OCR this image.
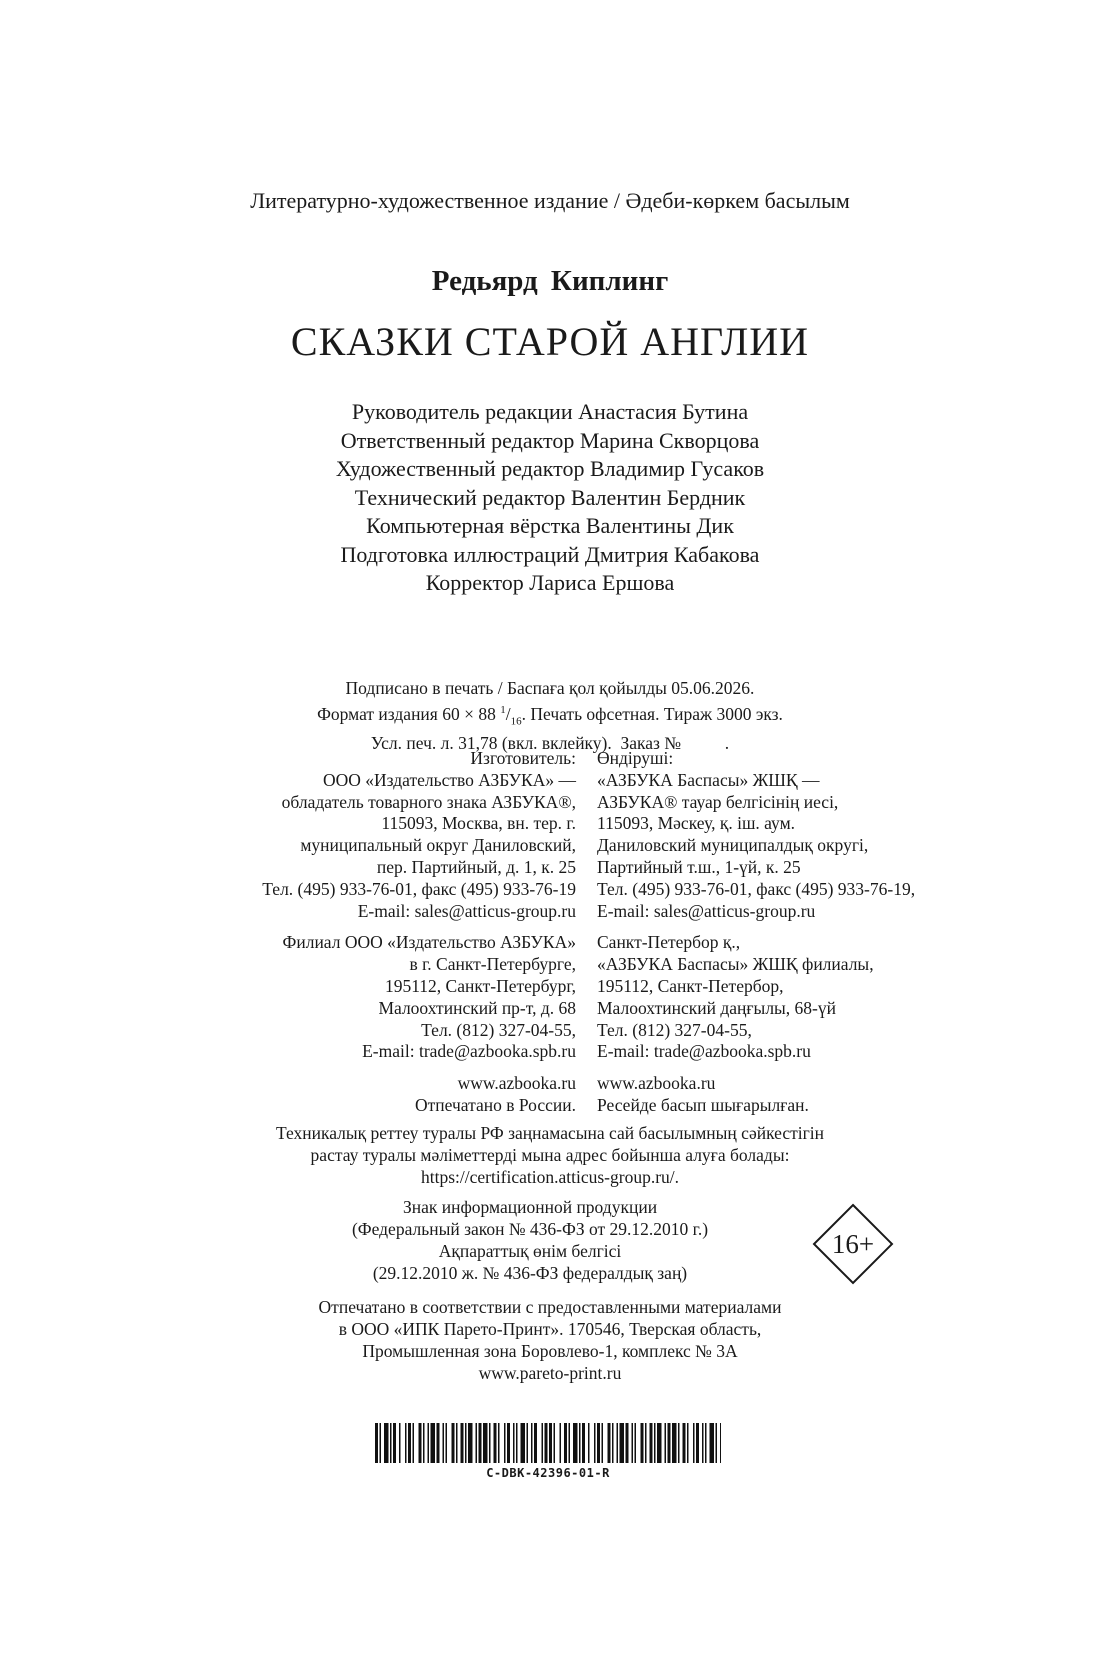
Литературно-художественное издание / Әдеби-көркем басылым
Редьярд Киплинг
СКАЗКИ СТАРОЙ АНГЛИИ
Руководитель редакции Анастасия Бутина
Ответственный редактор Марина Скворцова
Художественный редактор Владимир Гусаков
Технический редактор Валентин Бердник
Компьютерная вёрстка Валентины Дик
Подготовка иллюстраций Дмитрия Кабакова
Корректор Лариса Ершова
Подписано в печать / Баспаға қол қойылды 05.06.2026.
Формат издания 60 × 88 $^1/_{16}$. Печать офсетная. Тираж 3000 экз.
Усл. печ. л. 31,78 (вкл. вклейку).  Заказ №          .
Изготовитель:
ООО «Издательство АЗБУКА» —
обладатель товарного знака АЗБУКА®,
115093, Москва, вн. тер. г.
муниципальный округ Даниловский,
пер. Партийный, д. 1, к. 25
Тел. (495) 933-76-01, факс (495) 933-76-19
E-mail: sales@atticus-group.ru
Филиал ООО «Издательство АЗБУКА»
в г. Санкт-Петербурге,
195112, Санкт-Петербург,
Малоохтинский пр-т, д. 68
Тел. (812) 327-04-55,
E-mail: trade@azbooka.spb.ru
www.azbooka.ru
Отпечатано в России.
Өндіруші:
«АЗБУКА Баспасы» ЖШҚ —
АЗБУКА® тауар белгісінің иесі,
115093, Мәскеу, қ. іш. аум.
Даниловский муниципалдық округі,
Партийный т.ш., 1-үй, к. 25
Тел. (495) 933-76-01, факс (495) 933-76-19,
E-mail: sales@atticus-group.ru
Санкт-Петербор қ.,
«АЗБУКА Баспасы» ЖШҚ филиалы,
195112, Санкт-Петербор,
Малоохтинский даңғылы, 68-үй
Тел. (812) 327-04-55,
E-mail: trade@azbooka.spb.ru
www.azbooka.ru
Ресейде басып шығарылған.
Техникалық реттеу туралы РФ заңнамасына сай басылымның сәйкестігін
растау туралы мәліметтерді мына адрес бойынша алуға болады:
https://certification.atticus-group.ru/.
Знак информационной продукции
(Федеральный закон № 436-ФЗ от 29.12.2010 г.)
Ақпараттық өнім белгісі
(29.12.2010 ж. № 436-ФЗ федералдық заң)
16+
Отпечатано в соответствии с предоставленными материалами
в ООО «ИПК Парето-Принт». 170546, Тверская область,
Промышленная зона Боровлево-1, комплекс № 3А
www.pareto-print.ru
C-DBK-42396-01-R
